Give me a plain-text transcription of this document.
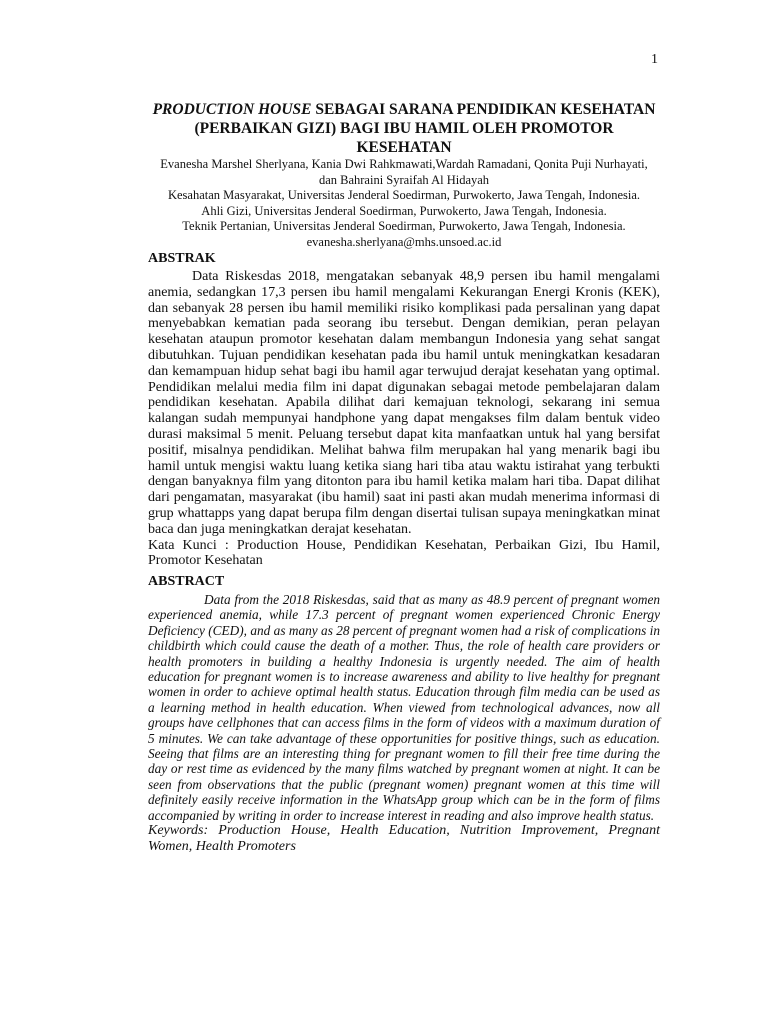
1

PRODUCTION HOUSE SEBAGAI SARANA PENDIDIKAN KESEHATAN
(PERBAIKAN GIZI) BAGI IBU HAMIL OLEH PROMOTOR
KESEHATAN

Evanesha Marshel Sherlyana, Kania Dwi Rahkmawati,Wardah Ramadani, Qonita Puji Nurhayati,
dan Bahraini Syraifah Al Hidayah
Kesahatan Masyarakat, Universitas Jenderal Soedirman, Purwokerto, Jawa Tengah, Indonesia.
Ahli Gizi, Universitas Jenderal Soedirman, Purwokerto, Jawa Tengah, Indonesia.
Teknik Pertanian, Universitas Jenderal Soedirman, Purwokerto, Jawa Tengah, Indonesia.
evanesha.sherlyana@mhs.unsoed.ac.id
ABSTRAK

Data Riskesdas 2018, mengatakan sebanyak 48,9 persen ibu hamil mengalami anemia, sedangkan 17,3 persen ibu hamil mengalami Kekurangan Energi Kronis (KEK), dan sebanyak 28 persen ibu hamil memiliki risiko komplikasi pada persalinan yang dapat menyebabkan kematian pada seorang ibu tersebut. Dengan demikian, peran pelayan kesehatan ataupun promotor kesehatan dalam membangun Indonesia yang sehat sangat dibutuhkan. Tujuan pendidikan kesehatan pada ibu hamil untuk meningkatkan kesadaran dan kemampuan hidup sehat bagi ibu hamil agar terwujud derajat kesehatan yang optimal. Pendidikan melalui media film ini dapat digunakan sebagai metode pembelajaran dalam pendidikan kesehatan. Apabila dilihat dari kemajuan teknologi, sekarang ini semua kalangan sudah mempunyai handphone yang dapat mengakses film dalam bentuk video durasi maksimal 5 menit. Peluang tersebut dapat kita manfaatkan untuk hal yang bersifat positif, misalnya pendidikan. Melihat bahwa film merupakan hal yang menarik bagi ibu hamil untuk mengisi waktu luang ketika siang hari tiba atau waktu istirahat yang terbukti dengan banyaknya film yang ditonton para ibu hamil ketika malam hari tiba. Dapat dilihat dari pengamatan, masyarakat (ibu hamil) saat ini pasti akan mudah menerima informasi di grup whattapps yang dapat berupa film dengan disertai tulisan supaya meningkatkan minat baca dan juga meningkatkan derajat kesehatan.

Kata Kunci : Production House, Pendidikan Kesehatan, Perbaikan Gizi, Ibu Hamil, Promotor Kesehatan

ABSTRACT

Data from the 2018 Riskesdas, said that as many as 48.9 percent of pregnant women experienced anemia, while 17.3 percent of pregnant women experienced Chronic Energy Deficiency (CED), and as many as 28 percent of pregnant women had a risk of complications in childbirth which could cause the death of a mother. Thus, the role of health care providers or health promoters in building a healthy Indonesia is urgently needed. The aim of health education for pregnant women is to increase awareness and ability to live healthy for pregnant women in order to achieve optimal health status. Education through film media can be used as a learning method in health education. When viewed from technological advances, now all groups have cellphones that can access films in the form of videos with a maximum duration of 5 minutes. We can take advantage of these opportunities for positive things, such as education. Seeing that films are an interesting thing for pregnant women to fill their free time during the day or rest time as evidenced by the many films watched by pregnant women at night. It can be seen from observations that the public (pregnant women) pregnant women at this time will definitely easily receive information in the WhatsApp group which can be in the form of films accompanied by writing in order to increase interest in reading and also improve health status.

Keywords: Production House, Health Education, Nutrition Improvement, Pregnant Women, Health Promoters
